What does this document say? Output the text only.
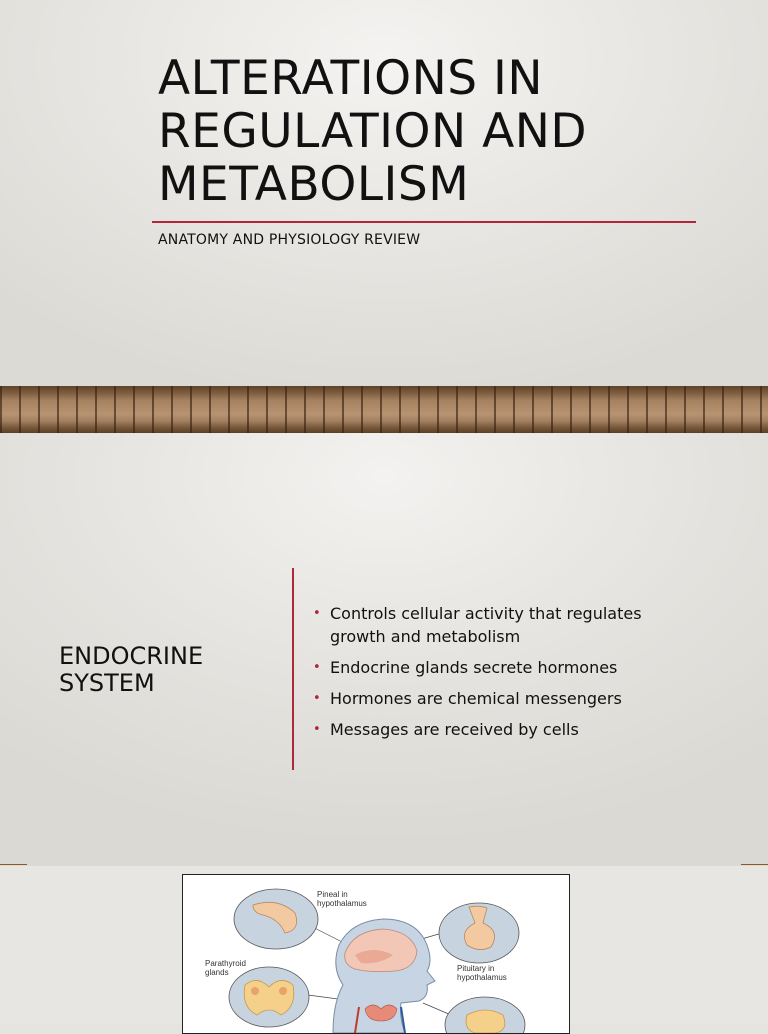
ALTERATIONS IN REGULATION AND METABOLISM
ANATOMY AND PHYSIOLOGY REVIEW
ENDOCRINE SYSTEM
• Controls cellular activity that regulates growth and metabolism
• Endocrine glands secrete hormones
• Hormones are chemical messengers
• Messages are received by cells
Pineal in
hypothalamus
Parathyroid
glands	Pituitary in
hypothalamus
